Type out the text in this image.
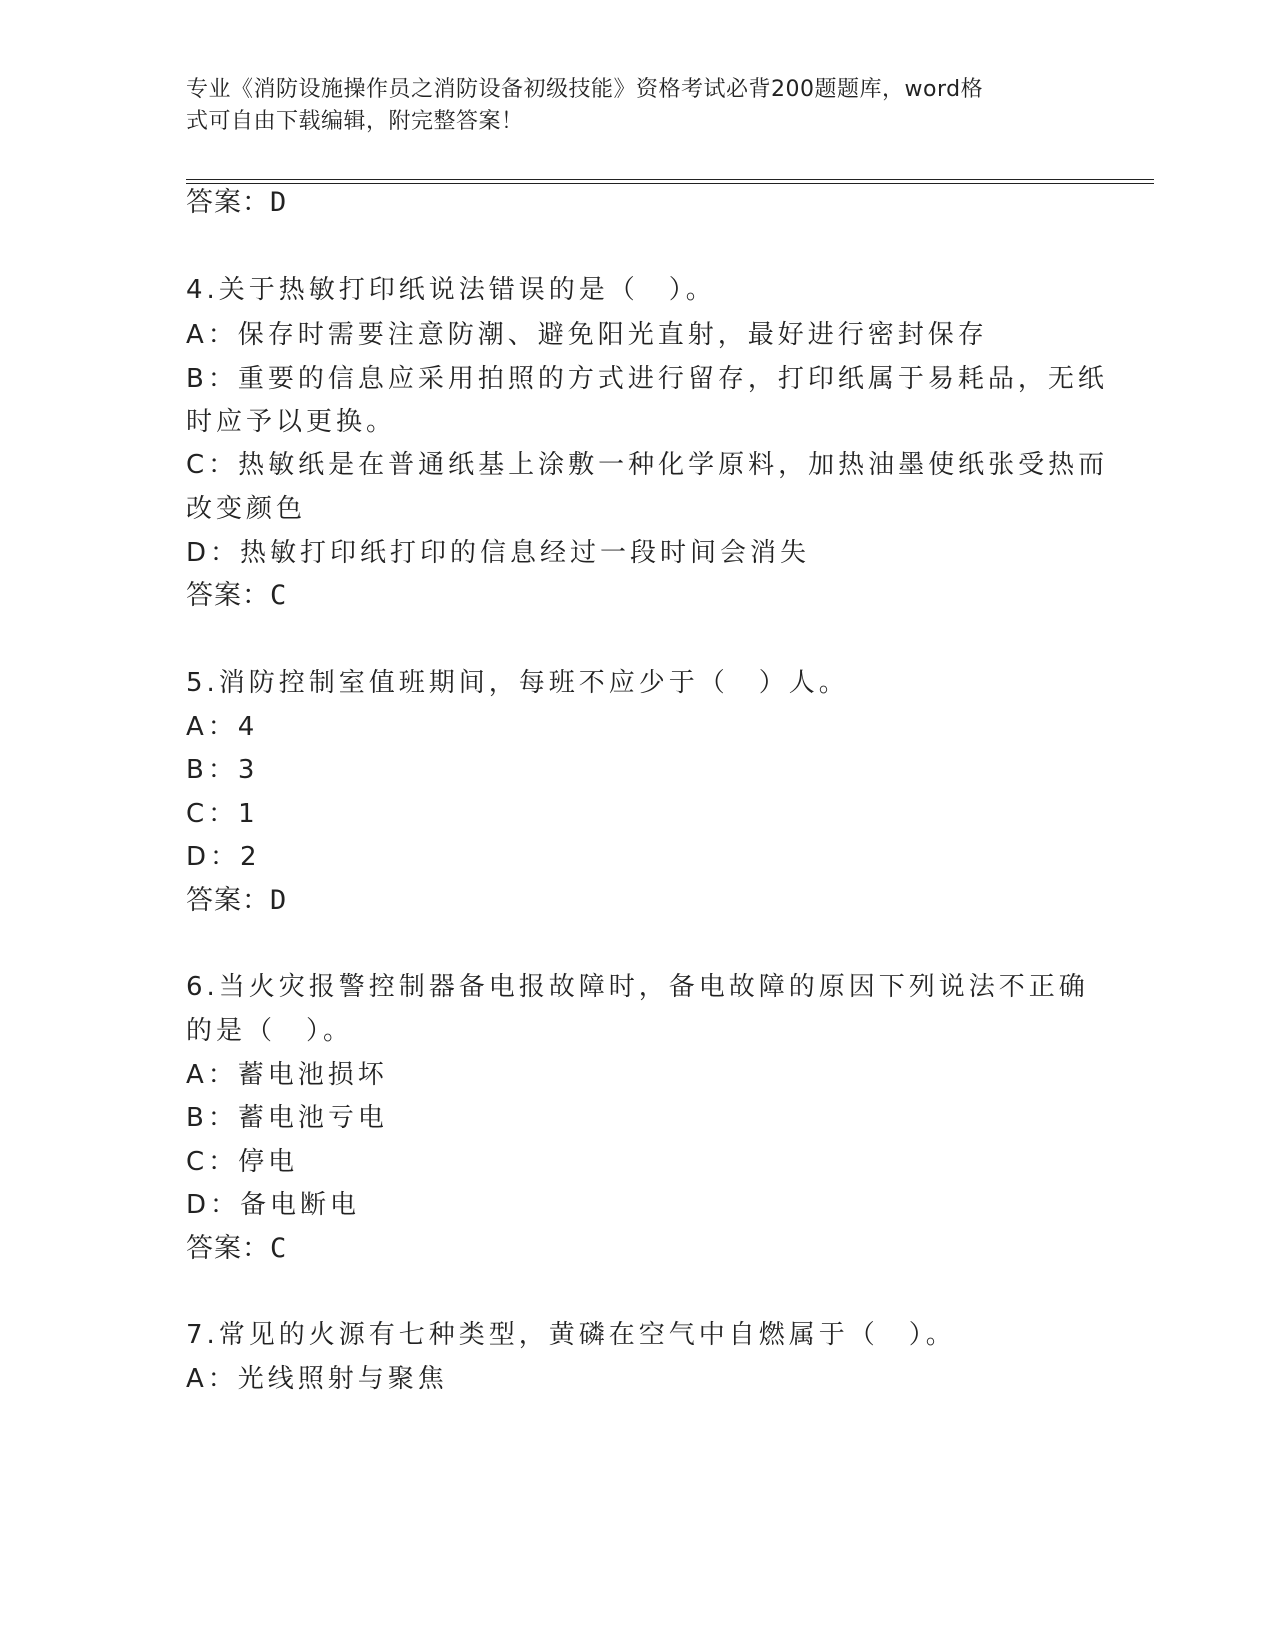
专业《消防设施操作员之消防设备初级技能》资格考试必背200题题库，word格
式可自由下载编辑，附完整答案！
答案：D
4.关于热敏打印纸说法错误的是（　）。
A：保存时需要注意防潮、避免阳光直射，最好进行密封保存
B：重要的信息应采用拍照的方式进行留存，打印纸属于易耗品，无纸
时应予以更换。
C：热敏纸是在普通纸基上涂敷一种化学原料，加热油墨使纸张受热而
改变颜色
D：热敏打印纸打印的信息经过一段时间会消失
答案：C
5.消防控制室值班期间，每班不应少于（　）人。
A：4
B：3
C：1
D：2
答案：D
6.当火灾报警控制器备电报故障时，备电故障的原因下列说法不正确
的是（　）。
A：蓄电池损坏
B：蓄电池亏电
C：停电
D：备电断电
答案：C
7.常见的火源有七种类型，黄磷在空气中自燃属于（　）。
A：光线照射与聚焦
